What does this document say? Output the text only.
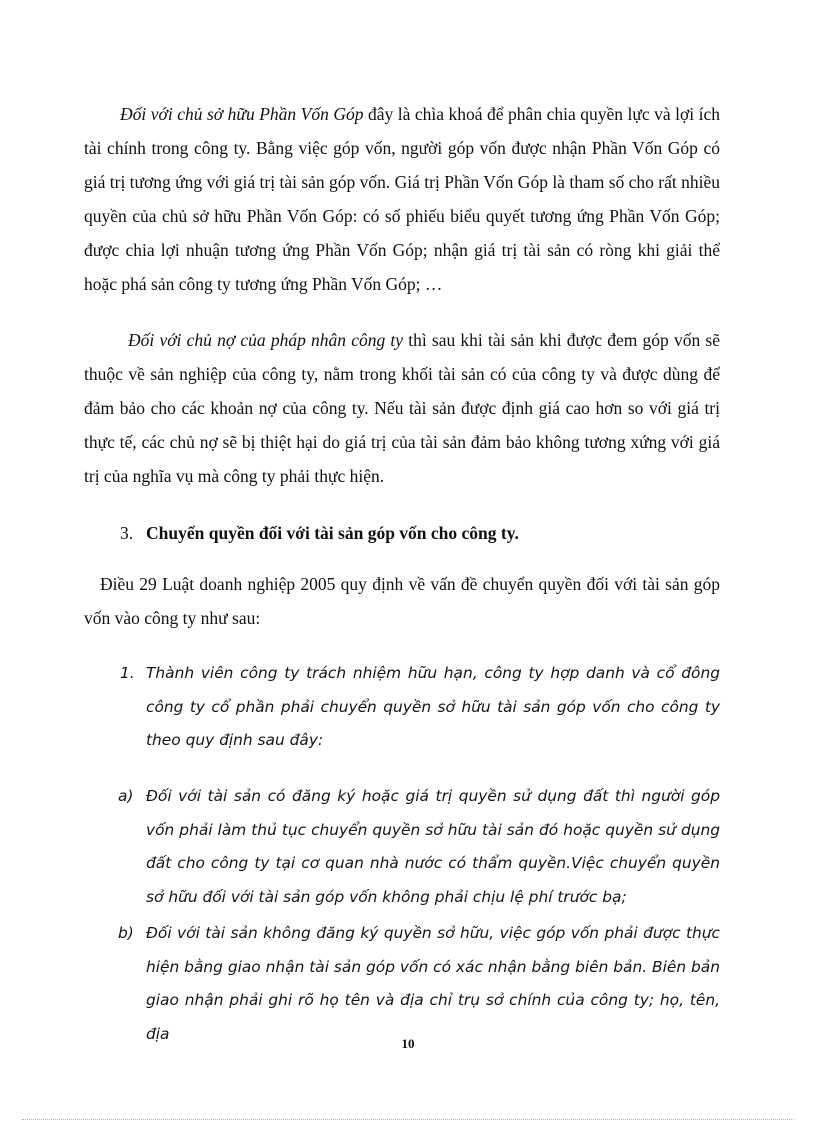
Đối với chủ sở hữu Phần Vốn Góp đây là chìa khoá để phân chia quyền lực và lợi ích tài chính trong công ty. Bằng việc góp vốn, người góp vốn được nhận Phần Vốn Góp có giá trị tương ứng với giá trị tài sản góp vốn. Giá trị Phần Vốn Góp là tham số cho rất nhiều quyền của chủ sở hữu Phần Vốn Góp: có số phiếu biểu quyết tương ứng Phần Vốn Góp; được chia lợi nhuận tương ứng Phần Vốn Góp; nhận giá trị tài sản có ròng khi giải thể hoặc phá sản công ty tương ứng Phần Vốn Góp; …

Đối với chủ nợ của pháp nhân công ty thì sau khi tài sản khi được đem góp vốn sẽ thuộc về sản nghiệp của công ty, nằm trong khối tài sản có của công ty và được dùng để đảm bảo cho các khoản nợ của công ty. Nếu tài sản được định giá cao hơn so với giá trị thực tế, các chủ nợ sẽ bị thiệt hại do giá trị của tài sản đảm bảo không tương xứng với giá trị của nghĩa vụ mà công ty phải thực hiện.

3. Chuyển quyền đối với tài sản góp vốn cho công ty.

Điều 29 Luật doanh nghiệp 2005 quy định về vấn đề chuyển quyền đối với tài sản góp vốn vào công ty như sau:

1. Thành viên công ty trách nhiệm hữu hạn, công ty hợp danh và cổ đông công ty cổ phần phải chuyển quyền sở hữu tài sản góp vốn cho công ty theo quy định sau đây:

a) Đối với tài sản có đăng ký hoặc giá trị quyền sử dụng đất thì người góp vốn phải làm thủ tục chuyển quyền sở hữu tài sản đó hoặc quyền sử dụng đất cho công ty tại cơ quan nhà nước có thẩm quyền.Việc chuyển quyền sở hữu đối với tài sản góp vốn không phải chịu lệ phí trước bạ;

b) Đối với tài sản không đăng ký quyền sở hữu, việc góp vốn phải được thực hiện bằng giao nhận tài sản góp vốn có xác nhận bằng biên bản. Biên bản giao nhận phải ghi rõ họ tên và địa chỉ trụ sở chính của công ty; họ, tên, địa

10
